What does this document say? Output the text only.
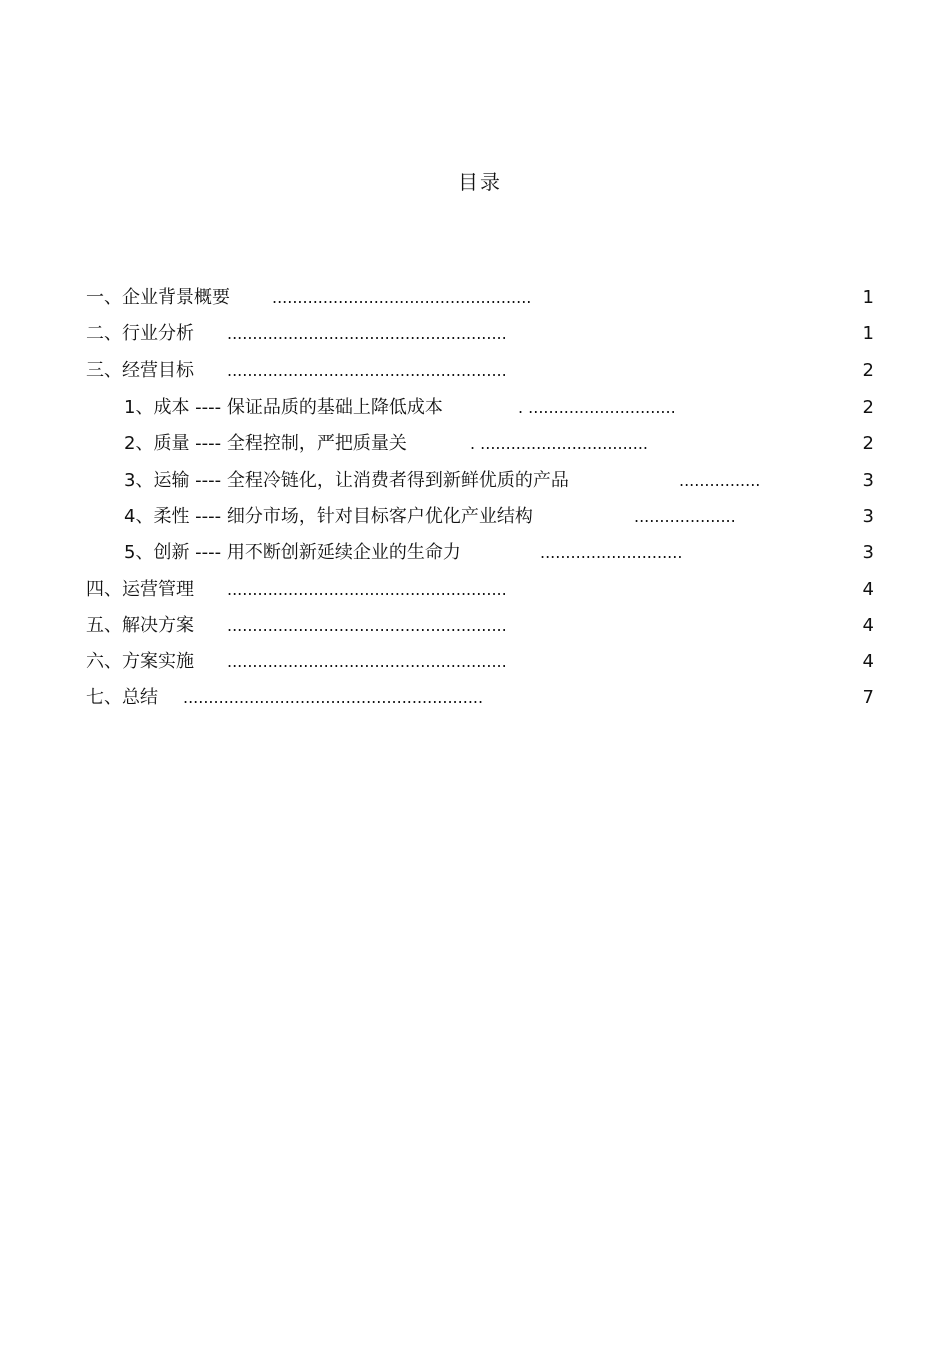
目录
一、企业背景概要	...................................................	1
二、行业分析 .......................................................	1
三、经营目标 .......................................................	2
1、成本 ---- 保证品质的基础上降低成本	. .............................	2
2、质量 ---- 全程控制，严把质量关	. .................................	2
3、运输 ---- 全程冷链化，让消费者得到新鲜优质的产品	................	3
4、柔性 ---- 细分市场，针对目标客户优化产业结构	....................	3
5、创新 ---- 用不断创新延续企业的生命力	............................	3
四、运营管理 .......................................................	4
五、解决方案 .......................................................	4
六、方案实施 .......................................................	4
七、总结 ...........................................................	7
